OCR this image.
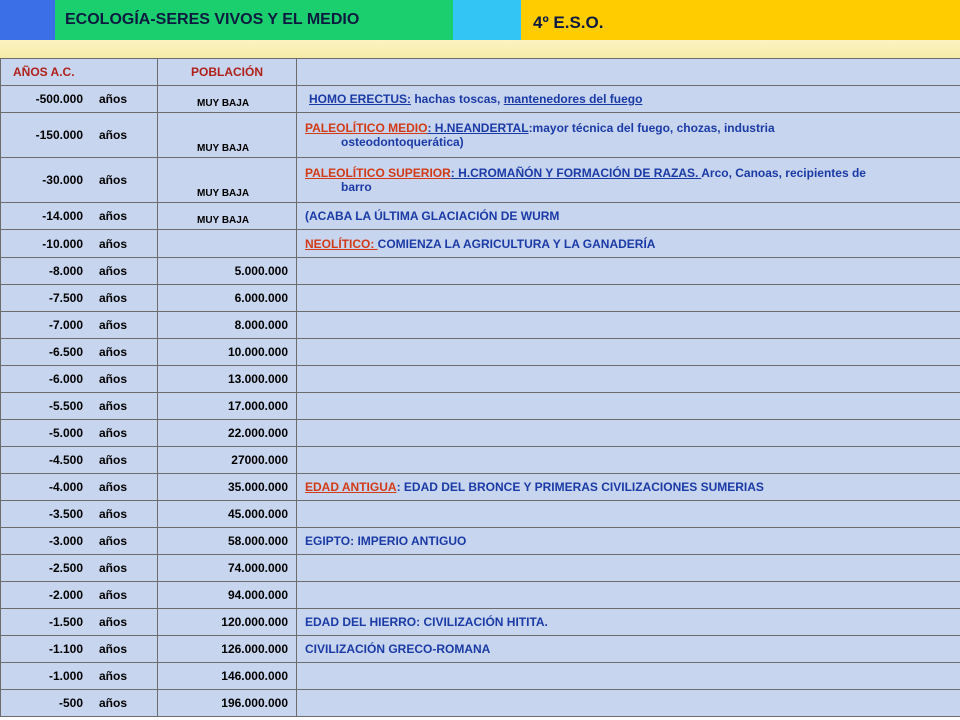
ECOLOGÍA-SERES VIVOS Y EL MEDIO	4º E.S.O.
AÑOS A.C.	POBLACIÓN	

-500.000 años	MUY BAJA	HOMO ERECTUS: hachas toscas, mantenedores del fuego

-150.000 años	MUY BAJA	PALEOLÍTICO MEDIO: H.NEANDERTAL:mayor técnica del fuego, chozas, industria
osteodontoquerática)

-30.000 años	MUY BAJA	PALEOLÍTICO SUPERIOR: H.CROMAÑÓN Y FORMACIÓN DE RAZAS. Arco, Canoas, recipientes de
barro

-14.000 años	MUY BAJA	(ACABA LA ÚLTIMA GLACIACIÓN DE WURM

-10.000 años		NEOLÍTICO: COMIENZA LA AGRICULTURA Y LA GANADERÍA

-8.000 años	5.000.000	

-7.500 años	6.000.000	

-7.000 años	8.000.000	

-6.500 años	10.000.000	

-6.000 años	13.000.000	

-5.500 años	17.000.000	

-5.000 años	22.000.000	

-4.500 años	27000.000	

-4.000 años	35.000.000	EDAD ANTIGUA: EDAD DEL BRONCE Y PRIMERAS CIVILIZACIONES SUMERIAS

-3.500 años	45.000.000	

-3.000 años	58.000.000	EGIPTO: IMPERIO ANTIGUO

-2.500 años	74.000.000	

-2.000 años	94.000.000	

-1.500 años	120.000.000	EDAD DEL HIERRO: CIVILIZACIÓN HITITA.

-1.100 años	126.000.000	CIVILIZACIÓN GRECO-ROMANA

-1.000 años	146.000.000	

-500 años	196.000.000	
